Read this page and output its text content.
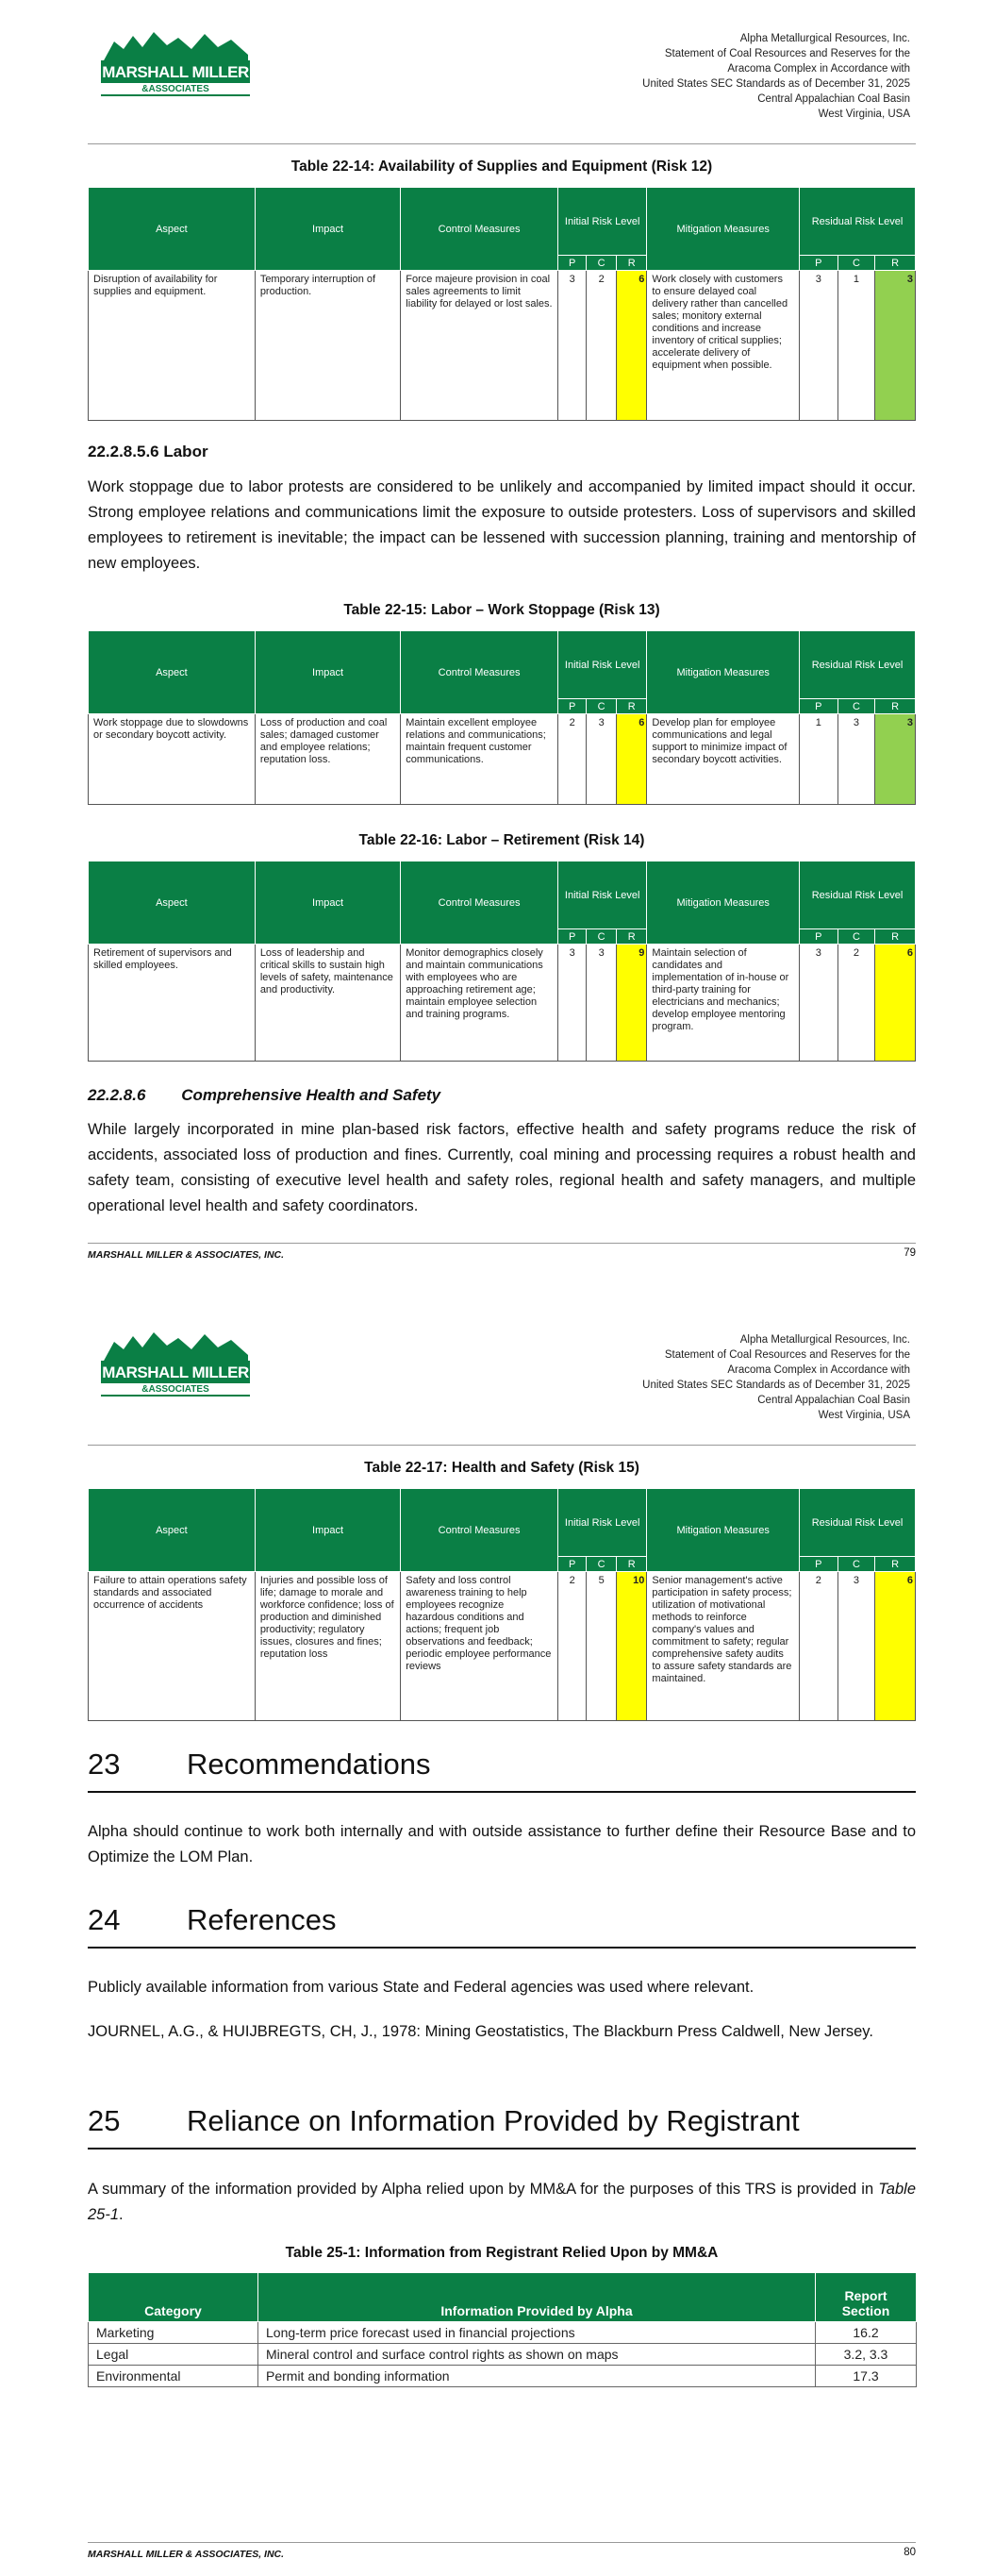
MARSHALL MILLER
&ASSOCIATES
Alpha Metallurgical Resources, Inc.
Statement of Coal Resources and Reserves for the
Aracoma Complex in Accordance with
United States SEC Standards as of December 31, 2025
Central Appalachian Coal Basin
West Virginia, USA
Table 22-14: Availability of Supplies and Equipment (Risk 12)
Aspect	Impact	Control Measures	Initial Risk Level			Mitigation Measures	Residual Risk Level		
			P	C	R		P	C	R
Disruption of availability for supplies and equipment.	Temporary interruption of production.	Force majeure provision in coal sales agreements to limit liability for delayed or lost sales.	3	2	6	Work closely with customers to ensure delayed coal delivery rather than cancelled sales; monitory external conditions and increase inventory of critical supplies; accelerate delivery of equipment when possible.	3	1	3
22.2.8.5.6 Labor
Work stoppage due to labor protests are considered to be unlikely and accompanied by limited impact should it occur. Strong employee relations and communications limit the exposure to outside protesters. Loss of supervisors and skilled employees to retirement is inevitable; the impact can be lessened with succession planning, training and mentorship of new employees.
Table 22-15: Labor – Work Stoppage (Risk 13)
Aspect	Impact	Control Measures	Initial Risk Level			Mitigation Measures	Residual Risk Level		
			P	C	R		P	C	R
Work stoppage due to slowdowns or secondary boycott activity.	Loss of production and coal sales; damaged customer and employee relations; reputation loss.	Maintain excellent employee relations and communications; maintain frequent customer communications.	2	3	6	Develop plan for employee communications and legal support to minimize impact of secondary boycott activities.	1	3	3
Table 22-16: Labor – Retirement (Risk 14)
Aspect	Impact	Control Measures	Initial Risk Level			Mitigation Measures	Residual Risk Level		
			P	C	R		P	C	R
Retirement of supervisors and skilled employees.	Loss of leadership and critical skills to sustain high levels of safety, maintenance and productivity.	Monitor demographics closely and maintain communications with employees who are approaching retirement age; maintain employee selection and training programs.	3	3	9	Maintain selection of candidates and implementation of in-house or third-party training for electricians and mechanics; develop employee mentoring program.	3	2	6
22.2.8.6        Comprehensive Health and Safety
While largely incorporated in mine plan-based risk factors, effective health and safety programs reduce the risk of accidents, associated loss of production and fines. Currently, coal mining and processing requires a robust health and safety team, consisting of executive level health and safety roles, regional health and safety managers, and multiple operational level health and safety coordinators.
MARSHALL MILLER & ASSOCIATES, INC.	79
MARSHALL MILLER
&ASSOCIATES
Alpha Metallurgical Resources, Inc.
Statement of Coal Resources and Reserves for the
Aracoma Complex in Accordance with
United States SEC Standards as of December 31, 2025
Central Appalachian Coal Basin
West Virginia, USA
Table 22-17: Health and Safety (Risk 15)
Aspect	Impact	Control Measures	Initial Risk Level			Mitigation Measures	Residual Risk Level		
			P	C	R		P	C	R
Failure to attain operations safety standards and associated occurrence of accidents	Injuries and possible loss of life; damage to morale and workforce confidence; loss of production and diminished productivity; regulatory issues, closures and fines; reputation loss	Safety and loss control awareness training to help employees recognize hazardous conditions and actions; frequent job observations and feedback; periodic employee performance reviews	2	5	10	Senior management's active participation in safety process; utilization of motivational methods to reinforce company's values and commitment to safety; regular comprehensive safety audits to assure safety standards are maintained.	2	3	6
23 Recommendations
Alpha should continue to work both internally and with outside assistance to further define their Resource Base and to Optimize the LOM Plan.
24 References
Publicly available information from various State and Federal agencies was used where relevant.
JOURNEL, A.G., & HUIJBREGTS, CH, J., 1978: Mining Geostatistics, The Blackburn Press Caldwell, New Jersey.
25 Reliance on Information Provided by Registrant
A summary of the information provided by Alpha relied upon by MM&A for the purposes of this TRS is provided in Table 25-1.
Table 25-1: Information from Registrant Relied Upon by MM&A
Category	Information Provided by Alpha	Report Section
Marketing	Long-term price forecast used in financial projections	16.2
Legal	Mineral control and surface control rights as shown on maps	3.2, 3.3
Environmental	Permit and bonding information	17.3
MARSHALL MILLER & ASSOCIATES, INC.	80
